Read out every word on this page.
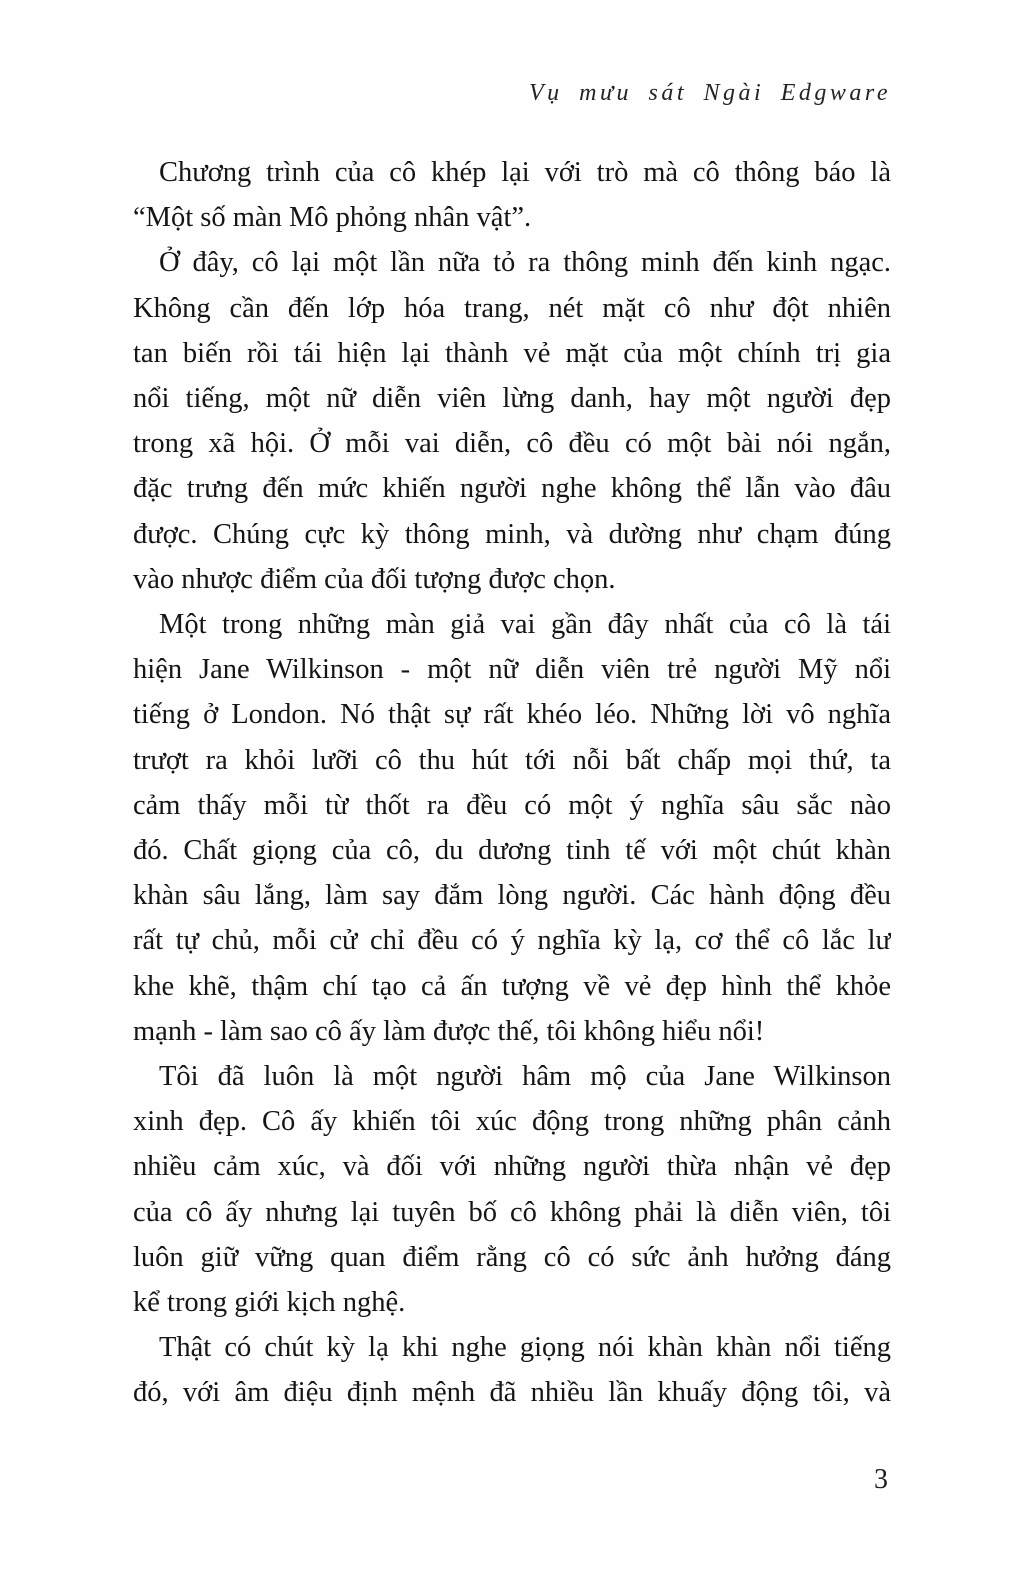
Vụ mưu sát Ngài Edgware

Chương trình của cô khép lại với trò mà cô thông báo là
“Một số màn Mô phỏng nhân vật”.

Ở đây, cô lại một lần nữa tỏ ra thông minh đến kinh ngạc.
Không cần đến lớp hóa trang, nét mặt cô như đột nhiên
tan biến rồi tái hiện lại thành vẻ mặt của một chính trị gia
nổi tiếng, một nữ diễn viên lừng danh, hay một người đẹp
trong xã hội. Ở mỗi vai diễn, cô đều có một bài nói ngắn,
đặc trưng đến mức khiến người nghe không thể lẫn vào đâu
được. Chúng cực kỳ thông minh, và dường như chạm đúng
vào nhược điểm của đối tượng được chọn.

Một trong những màn giả vai gần đây nhất của cô là tái
hiện Jane Wilkinson - một nữ diễn viên trẻ người Mỹ nổi
tiếng ở London. Nó thật sự rất khéo léo. Những lời vô nghĩa
trượt ra khỏi lưỡi cô thu hút tới nỗi bất chấp mọi thứ, ta
cảm thấy mỗi từ thốt ra đều có một ý nghĩa sâu sắc nào
đó. Chất giọng của cô, du dương tinh tế với một chút khàn
khàn sâu lắng, làm say đắm lòng người. Các hành động đều
rất tự chủ, mỗi cử chỉ đều có ý nghĩa kỳ lạ, cơ thể cô lắc lư
khe khẽ, thậm chí tạo cả ấn tượng về vẻ đẹp hình thể khỏe
mạnh - làm sao cô ấy làm được thế, tôi không hiểu nổi!

Tôi đã luôn là một người hâm mộ của Jane Wilkinson
xinh đẹp. Cô ấy khiến tôi xúc động trong những phân cảnh
nhiều cảm xúc, và đối với những người thừa nhận vẻ đẹp
của cô ấy nhưng lại tuyên bố cô không phải là diễn viên, tôi
luôn giữ vững quan điểm rằng cô có sức ảnh hưởng đáng
kể trong giới kịch nghệ.

Thật có chút kỳ lạ khi nghe giọng nói khàn khàn nổi tiếng
đó, với âm điệu định mệnh đã nhiều lần khuấy động tôi, và

3
